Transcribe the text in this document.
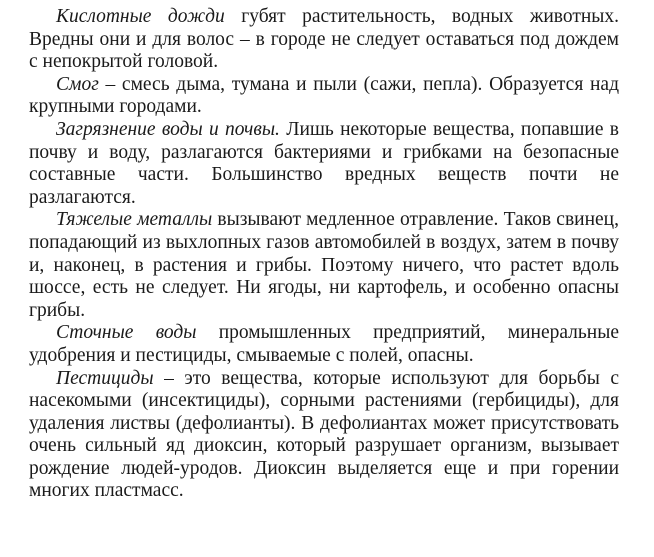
Кислотные дожди губят растительность, водных животных. Вредны они и для волос – в городе не следует оставаться под дождем с непокрытой головой.

Смог – смесь дыма, тумана и пыли (сажи, пепла). Образуется над крупными городами.

Загрязнение воды и почвы. Лишь некоторые вещества, попавшие в почву и воду, разлагаются бактериями и грибками на безопасные составные части. Большинство вредных веществ почти не разлагаются.

Тяжелые металлы вызывают медленное отравление. Таков свинец, попадающий из выхлопных газов автомобилей в воздух, затем в почву и, наконец, в растения и грибы. Поэтому ничего, что растет вдоль шоссе, есть не следует. Ни ягоды, ни картофель, и особенно опасны грибы.

Сточные воды промышленных предприятий, минеральные удобрения и пестициды, смываемые с полей, опасны.

Пестициды – это вещества, которые используют для борьбы с насекомыми (инсектициды), сорными растениями (гербициды), для удаления листвы (дефолианты). В дефолиантах может присутствовать очень сильный яд диоксин, который разрушает организм, вызывает рождение людей-уродов. Диоксин выделяется еще и при горении многих пластмасс.
